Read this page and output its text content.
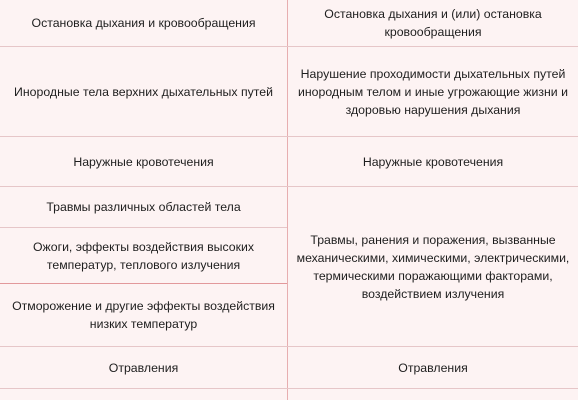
Остановка дыхания и кровообращения
Остановка дыхания и (или) остановка кровообращения
Инородные тела верхних дыхательных путей
Нарушение проходимости дыхательных путей инородным телом и иные угрожающие жизни и здоровью нарушения дыхания
Наружные кровотечения	Наружные кровотечения
Травмы различных областей тела
Ожоги, эффекты воздействия высоких температур, теплового излучения
Отморожение и другие эффекты воздействия низких температур
Травмы, ранения и поражения, вызванные механическими, химическими, электрическими, термическими поражающими факторами, воздействием излучения
Отравления	Отравления
